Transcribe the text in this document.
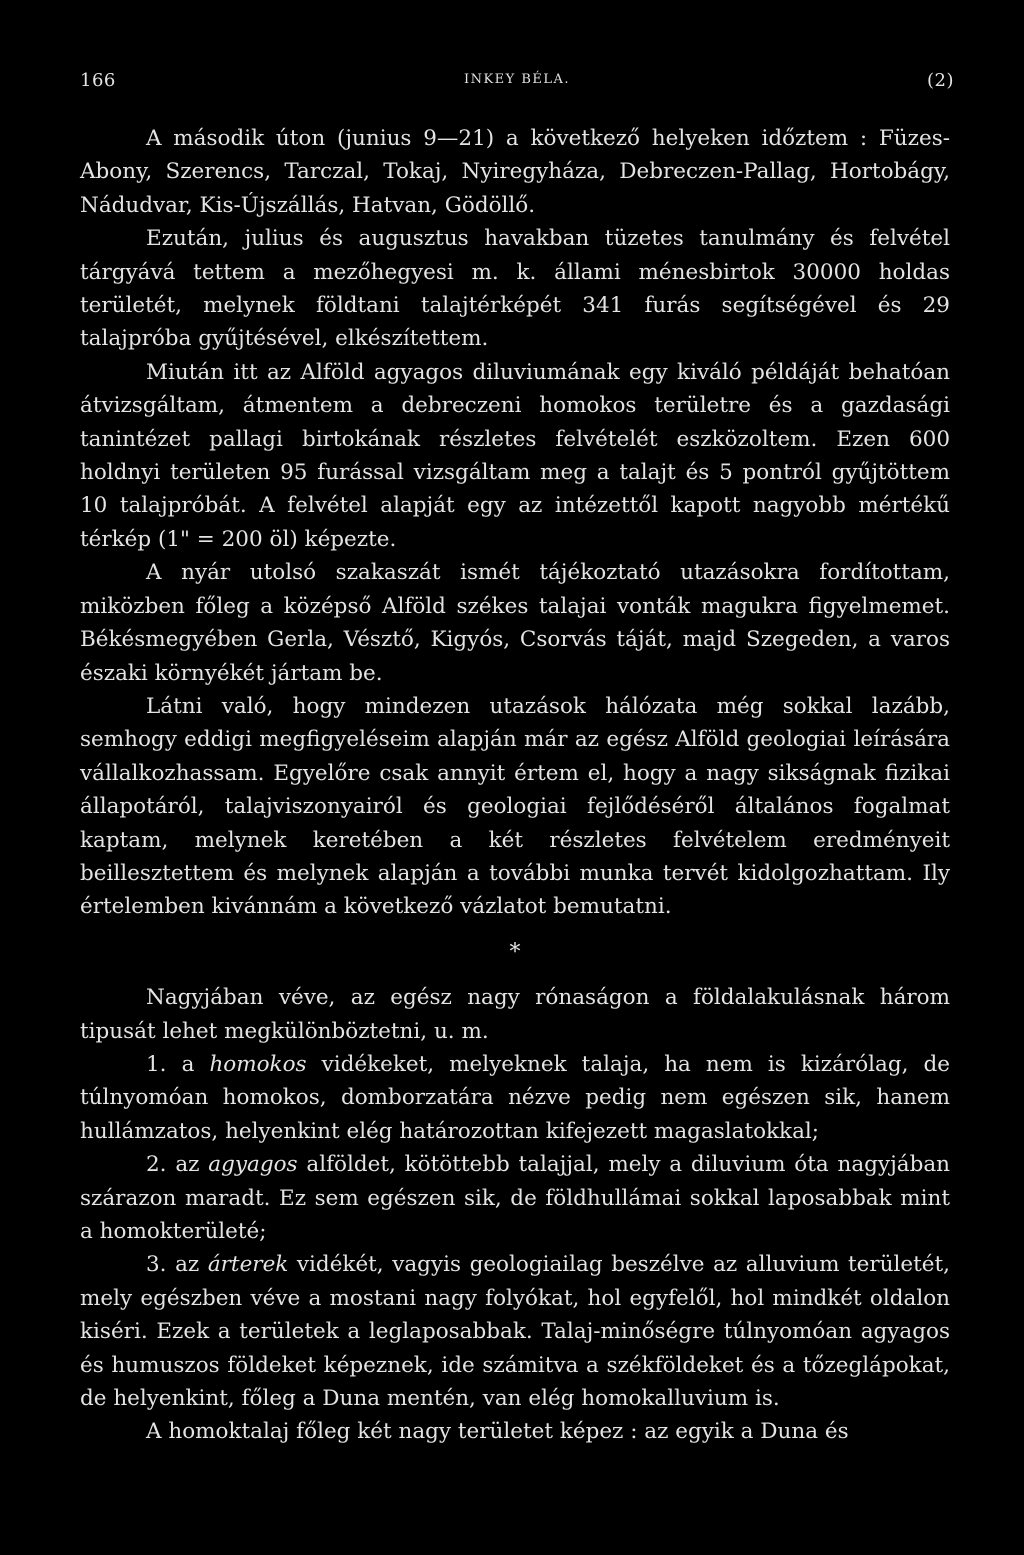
166	INKEY BÉLA.	(2)

A második úton (junius 9—21) a következő helyeken időztem : Füzes-Abony, Szerencs, Tarczal, Tokaj, Nyiregyháza, Debreczen-Pallag, Hortobágy, Nádudvar, Kis-Újszállás, Hatvan, Gödöllő.

Ezután, julius és augusztus havakban tüzetes tanulmány és felvétel tárgyává tettem a mezőhegyesi m. k. állami ménesbirtok 30000 holdas területét, melynek földtani talajtérképét 341 furás segítségével és 29 talajpróba gyűjtésével, elkészítettem.

Miután itt az Alföld agyagos diluviumának egy kiváló példáját behatóan átvizsgáltam, átmentem a debreczeni homokos területre és a gazdasági tanintézet pallagi birtokának részletes felvételét eszközoltem. Ezen 600 holdnyi területen 95 furással vizsgáltam meg a talajt és 5 pontról gyűjtöttem 10 talajpróbát. A felvétel alapját egy az intézettől kapott nagyobb mértékű térkép (1" = 200 öl) képezte.

A nyár utolsó szakaszát ismét tájékoztató utazásokra fordítottam, miközben főleg a középső Alföld székes talajai vonták magukra figyelmemet. Békésmegyében Gerla, Vésztő, Kigyós, Csorvás táját, majd Szegeden, a varos északi környékét jártam be.

Látni való, hogy mindezen utazások hálózata még sokkal lazább, semhogy eddigi megfigyeléseim alapján már az egész Alföld geologiai leírására vállalkozhassam. Egyelőre csak annyit értem el, hogy a nagy sikságnak fizikai állapotáról, talajviszonyairól és geologiai fejlődéséről általános fogalmat kaptam, melynek keretében a két részletes felvételem eredményeit beillesztettem és melynek alapján a további munka tervét kidolgozhattam. Ily értelemben kivánnám a következő vázlatot bemutatni.

*

Nagyjában véve, az egész nagy rónaságon a földalakulásnak három tipusát lehet megkülönböztetni, u. m.

1. a homokos vidékeket, melyeknek talaja, ha nem is kizárólag, de túlnyomóan homokos, domborzatára nézve pedig nem egészen sik, hanem hullámzatos, helyenkint elég határozottan kifejezett magaslatokkal;

2. az agyagos alföldet, kötöttebb talajjal, mely a diluvium óta nagyjában szárazon maradt. Ez sem egészen sik, de földhullámai sokkal laposabbak mint a homokterületé;

3. az árterek vidékét, vagyis geologiailag beszélve az alluvium területét, mely egészben véve a mostani nagy folyókat, hol egyfelől, hol mindkét oldalon kiséri. Ezek a területek a leglaposabbak. Talaj-minőségre túlnyomóan agyagos és humuszos földeket képeznek, ide számitva a székföldeket és a tőzeglápokat, de helyenkint, főleg a Duna mentén, van elég homokalluvium is.

A homoktalaj főleg két nagy területet képez : az egyik a Duna és
